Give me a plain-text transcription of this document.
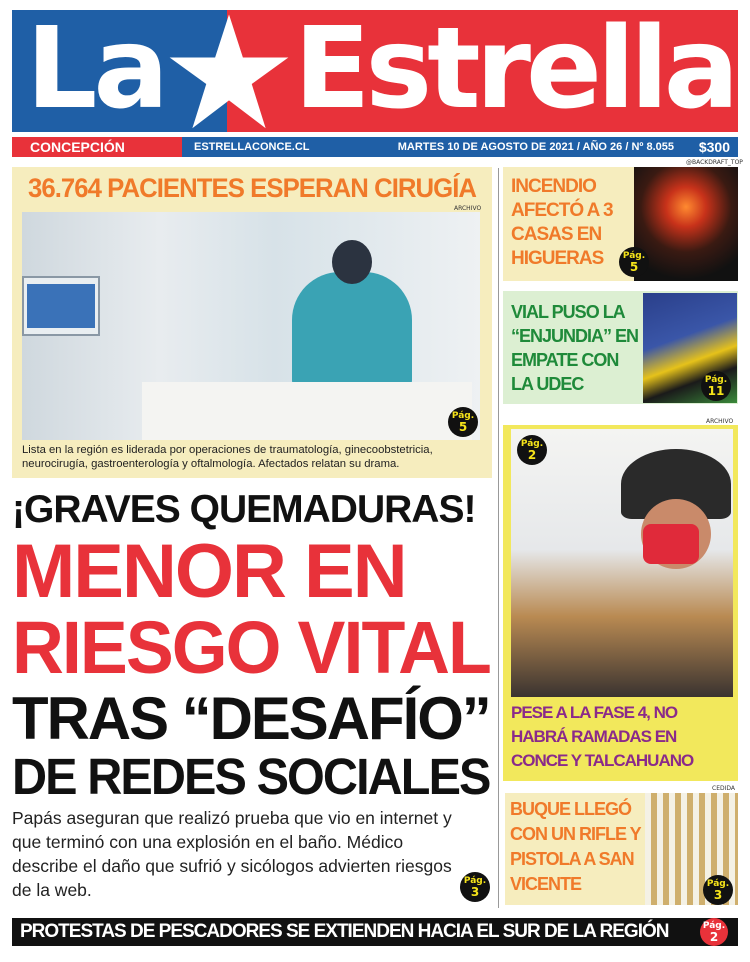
La Estrella
CONCEPCIÓN	ESTRELLACONCE.CL	MARTES 10 DE AGOSTO DE 2021 / AÑO 26 / Nº 8.055 $300
36.764 PACIENTES ESPERAN CIRUGÍA
ARCHIVO
Pág.
5
Lista en la región es liderada por operaciones de traumatología, ginecoobstetricia, neurocirugía, gastroenterología y oftalmología. Afectados relatan su drama.
¡GRAVES QUEMADURAS!
MENOR EN
RIESGO VITAL
TRAS “DESAFÍO”
DE REDES SOCIALES
Papás aseguran que realizó prueba que vio en internet y que terminó con una explosión en el baño. Médico describe el daño que sufrió y sicólogos advierten riesgos de la web.	Pág.
3
@BACKDRAFT_TOP
INCENDIO AFECTÓ A 3 CASAS EN HIGUERAS	Pág.
5
VIAL PUSO LA “ENJUNDIA” EN EMPATE CON LA UDEC	Pág.
11
ARCHIVO
Pág.
2
PESE A LA FASE 4, NO HABRÁ RAMADAS EN CONCE Y TALCAHUANO
CEDIDA
BUQUE LLEGÓ CON UN RIFLE Y PISTOLA A SAN VICENTE	Pág.
3
PROTESTAS DE PESCADORES SE EXTIENDEN HACIA EL SUR DE LA REGIÓN	Pág.
2
